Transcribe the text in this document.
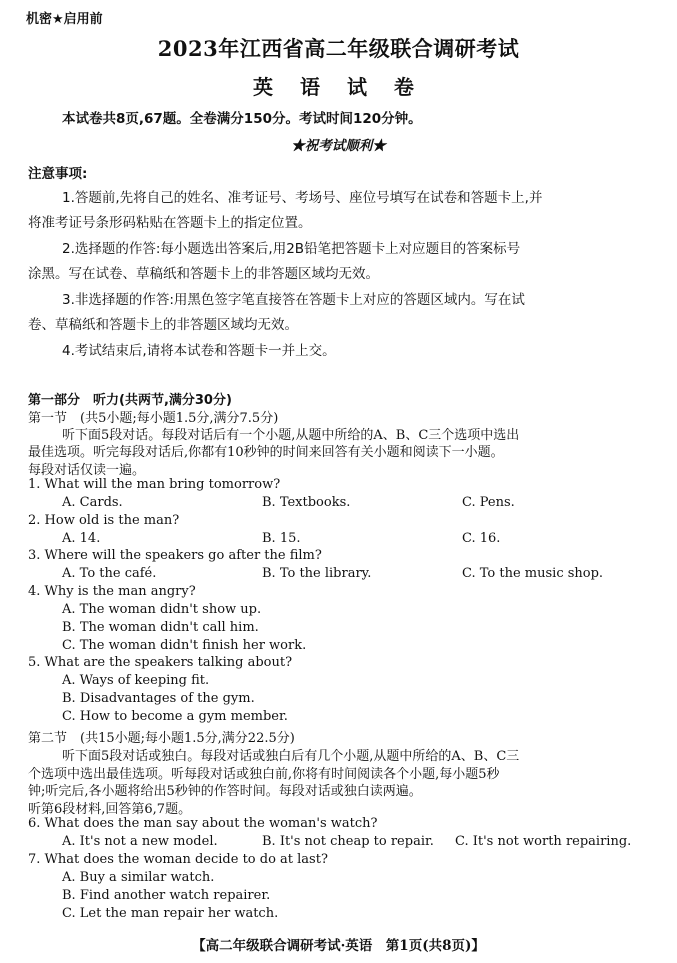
机密★启用前
2023年江西省高二年级联合调研考试
英 语 试 卷
本试卷共8页,67题。全卷满分150分。考试时间120分钟。
★祝考试顺利★
注意事项:
1.答题前,先将自己的姓名、准考证号、考场号、座位号填写在试卷和答题卡上,并
将准考证号条形码粘贴在答题卡上的指定位置。
2.选择题的作答:每小题选出答案后,用2B铅笔把答题卡上对应题目的答案标号
涂黑。写在试卷、草稿纸和答题卡上的非答题区域均无效。
3.非选择题的作答:用黑色签字笔直接答在答题卡上对应的答题区域内。写在试
卷、草稿纸和答题卡上的非答题区域均无效。
4.考试结束后,请将本试卷和答题卡一并上交。
第一部分　听力(共两节,满分30分)
第一节　(共5小题;每小题1.5分,满分7.5分)
听下面5段对话。每段对话后有一个小题,从题中所给的A、B、C三个选项中选出
最佳选项。听完每段对话后,你都有10秒钟的时间来回答有关小题和阅读下一小题。
每段对话仅读一遍。
1. What will the man bring tomorrow?
A. Cards.	B. Textbooks.	C. Pens.
2. How old is the man?
A. 14.	B. 15.	C. 16.
3. Where will the speakers go after the film?
A. To the café.	B. To the library.	C. To the music shop.
4. Why is the man angry?
A. The woman didn't show up.
B. The woman didn't call him.
C. The woman didn't finish her work.
5. What are the speakers talking about?
A. Ways of keeping fit.
B. Disadvantages of the gym.
C. How to become a gym member.
第二节　(共15小题;每小题1.5分,满分22.5分)
听下面5段对话或独白。每段对话或独白后有几个小题,从题中所给的A、B、C三
个选项中选出最佳选项。听每段对话或独白前,你将有时间阅读各个小题,每小题5秒
钟;听完后,各小题将给出5秒钟的作答时间。每段对话或独白读两遍。
听第6段材料,回答第6,7题。
6. What does the man say about the woman's watch?
A. It's not a new model.	B. It's not cheap to repair. C. It's not worth repairing.
7. What does the woman decide to do at last?
A. Buy a similar watch.
B. Find another watch repairer.
C. Let the man repair her watch.
【高二年级联合调研考试·英语　第1页(共8页)】
